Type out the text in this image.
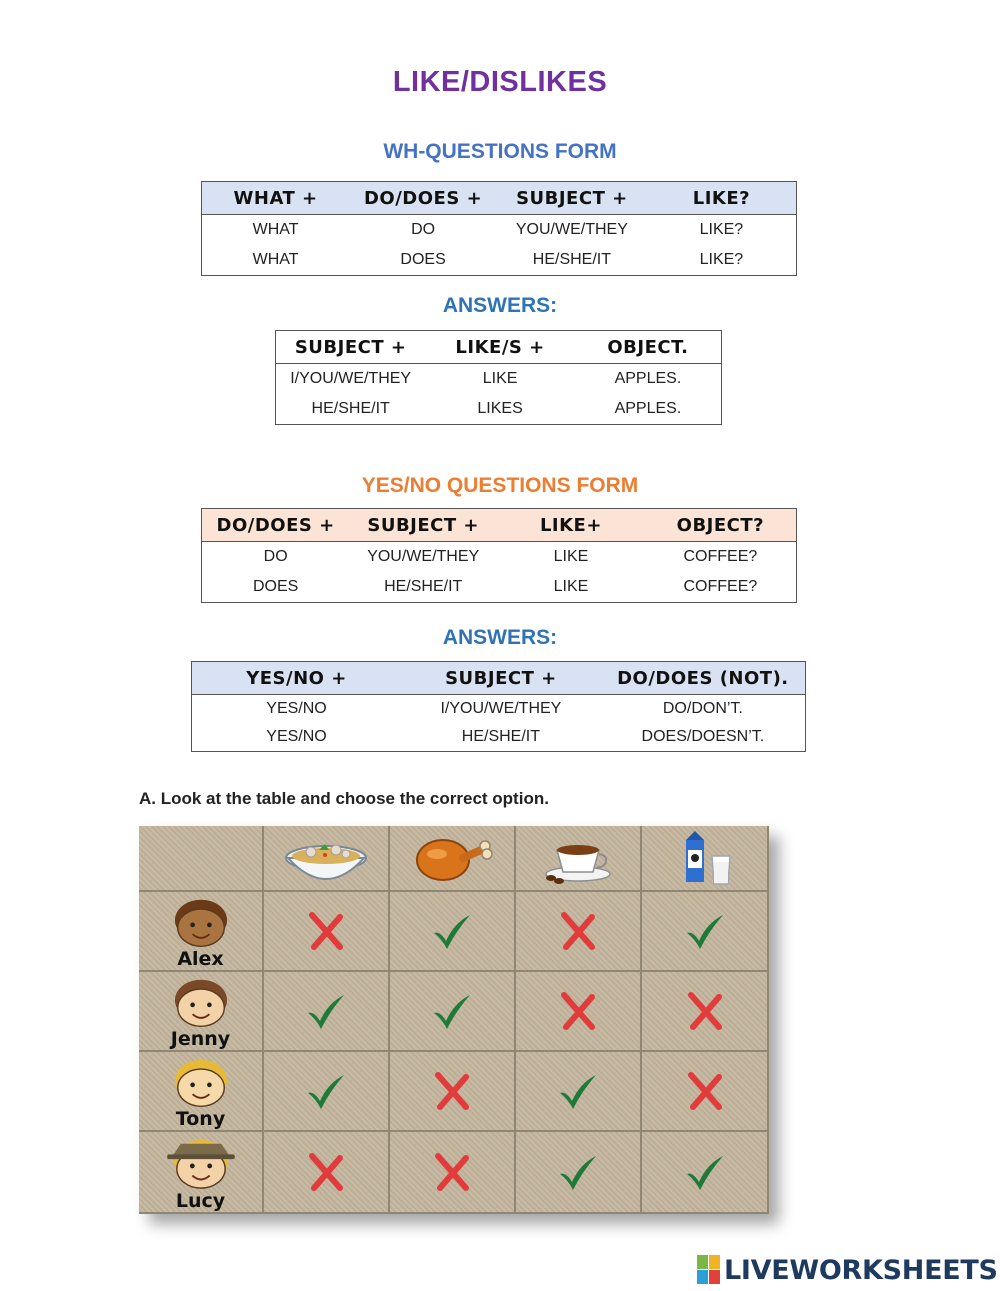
LIKE/DISLIKES
WH-QUESTIONS FORM
WHAT +	DO/DOES +	SUBJECT +	LIKE?
WHAT	DO	YOU/WE/THEY	LIKE?
WHAT	DOES	HE/SHE/IT	LIKE?
ANSWERS:
SUBJECT +	LIKE/S +	OBJECT.
I/YOU/WE/THEY	LIKE	APPLES.
HE/SHE/IT	LIKES	APPLES.
YES/NO QUESTIONS FORM
DO/DOES +	SUBJECT +	LIKE+	OBJECT?
DO	YOU/WE/THEY	LIKE	COFFEE?
DOES	HE/SHE/IT	LIKE	COFFEE?
ANSWERS:
YES/NO +	SUBJECT +	DO/DOES (NOT).
YES/NO	I/YOU/WE/THEY	DO/DON’T.
YES/NO	HE/SHE/IT	DOES/DOESN’T.
A. Look at the table and choose the correct option.
Alex
Jenny
Tony
Lucy
LIVEWORKSHEETS
